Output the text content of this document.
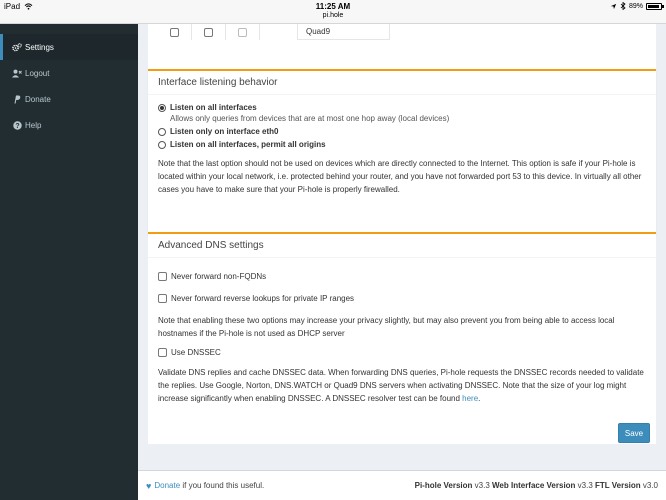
iPad	11:25 AM
pi.hole
89%
Settings
Logout
Donate
? Help
Quad9
Interface listening behavior
Listen on all interfaces
Allows only queries from devices that are at most one hop away (local devices)
Listen only on interface eth0
Listen on all interfaces, permit all origins

Note that the last option should not be used on devices which are directly connected to the Internet. This option is safe if your Pi-hole is located within your local network, i.e. protected behind your router, and you have not forwarded port 53 to this device. In virtually all other cases you have to make sure that your Pi-hole is properly firewalled.

Advanced DNS settings
Never forward non-FQDNs
Never forward reverse lookups for private IP ranges

Note that enabling these two options may increase your privacy slightly, but may also prevent you from being able to access local hostnames if the Pi-hole is not used as DHCP server

Use DNSSEC

Validate DNS replies and cache DNSSEC data. When forwarding DNS queries, Pi-hole requests the DNSSEC records needed to validate the replies. Use Google, Norton, DNS.WATCH or Quad9 DNS servers when activating DNSSEC. Note that the size of your log might increase significantly when enabling DNSSEC. A DNSSEC resolver test can be found here.

Save
♥ Donate if you found this useful.	Pi-hole Version v3.3 Web Interface Version v3.3 FTL Version v3.0
